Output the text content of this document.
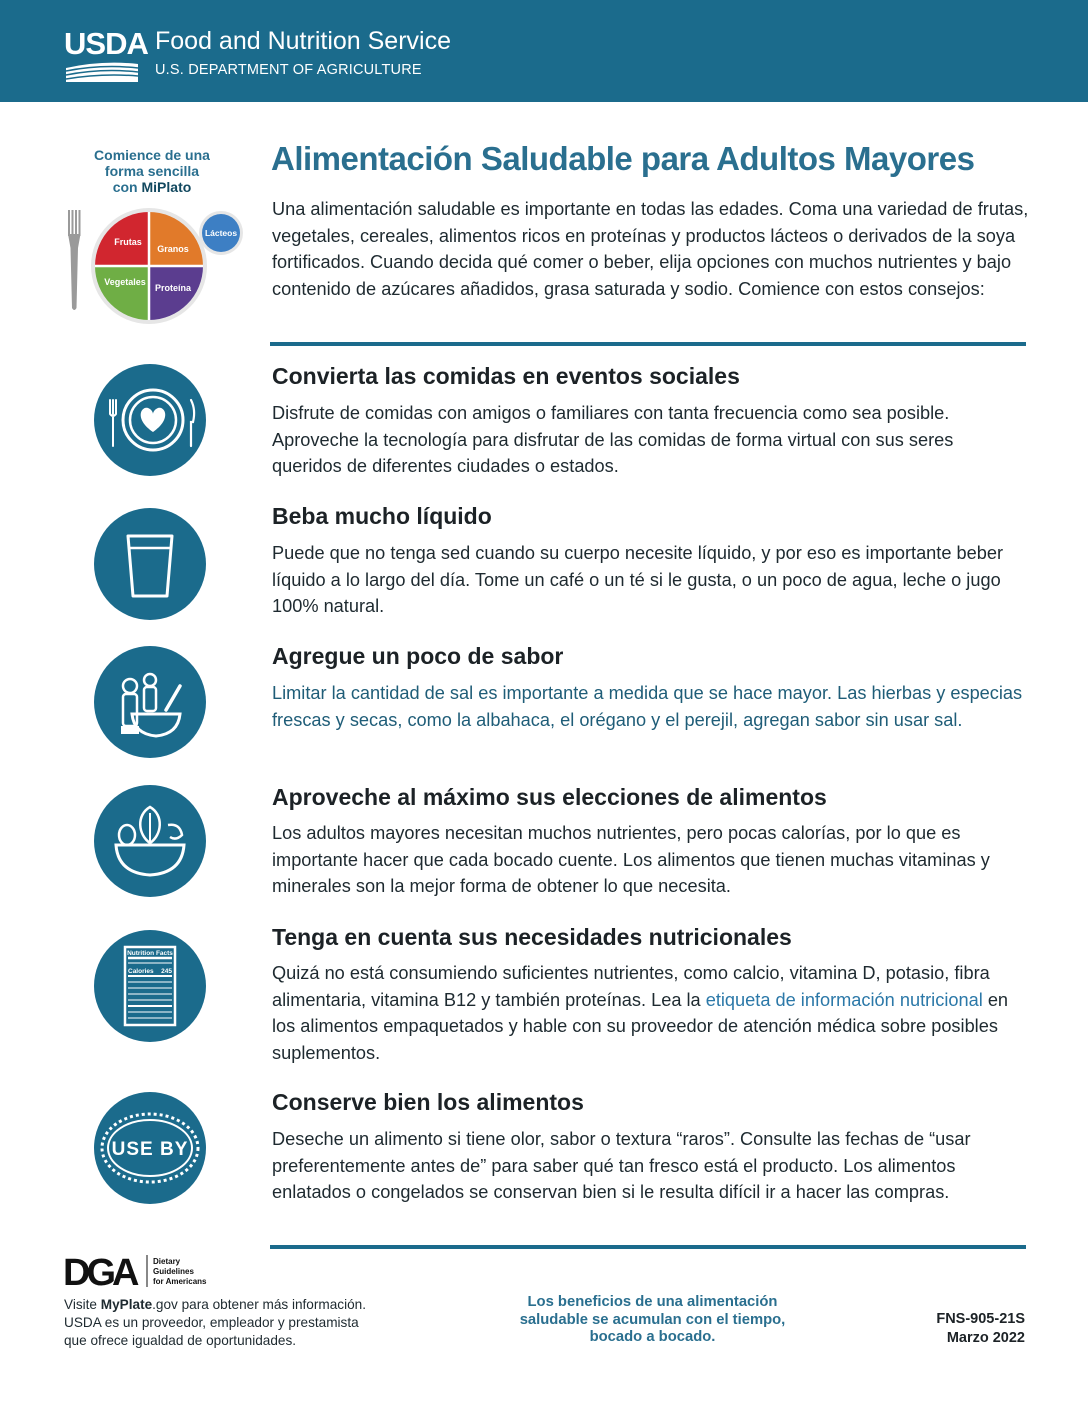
USDA Food and Nutrition Service
U.S. DEPARTMENT OF AGRICULTURE
Comience de una
forma sencilla
con MiPlato
Frutas
Granos
Vegetales
Proteína
Lácteos
Alimentación Saludable para Adultos Mayores
Una alimentación saludable es importante en todas las edades. Coma una variedad de frutas, vegetales, cereales, alimentos ricos en proteínas y productos lácteos o derivados de la soya fortificados. Cuando decida qué comer o beber, elija opciones con muchos nutrientes y bajo contenido de azúcares añadidos, grasa saturada y sodio. Comience con estos consejos:
Convierta las comidas en eventos sociales
Disfrute de comidas con amigos o familiares con tanta frecuencia como sea posible. Aproveche la tecnología para disfrutar de las comidas de forma virtual con sus seres queridos de diferentes ciudades o estados.
Beba mucho líquido
Puede que no tenga sed cuando su cuerpo necesite líquido, y por eso es importante beber líquido a lo largo del día. Tome un café o un té si le gusta, o un poco de agua, leche o jugo 100% natural.
Agregue un poco de sabor
Limitar la cantidad de sal es importante a medida que se hace mayor. Las hierbas y especias frescas y secas, como la albahaca, el orégano y el perejil, agregan sabor sin usar sal.
Aproveche al máximo sus elecciones de alimentos
Los adultos mayores necesitan muchos nutrientes, pero pocas calorías, por lo que es importante hacer que cada bocado cuente. Los alimentos que tienen muchas vitaminas y minerales son la mejor forma de obtener lo que necesita.
Nutrition Facts
Calories 245
Tenga en cuenta sus necesidades nutricionales
Quizá no está consumiendo suficientes nutrientes, como calcio, vitamina D, potasio, fibra alimentaria, vitamina B12 y también proteínas. Lea la etiqueta de información nutricional en los alimentos empaquetados y hable con su proveedor de atención médica sobre posibles suplementos.
USE BY
Conserve bien los alimentos
Deseche un alimento si tiene olor, sabor o textura “raros”. Consulte las fechas de “usar preferentemente antes de” para saber qué tan fresco está el producto. Los alimentos enlatados o congelados se conservan bien si le resulta difícil ir a hacer las compras.
DGA	Dietary
Guidelines
for Americans
Visite MyPlate.gov para obtener más información.
USDA es un proveedor, empleador y prestamista
que ofrece igualdad de oportunidades.
Los beneficios de una alimentación
saludable se acumulan con el tiempo,
bocado a bocado.
FNS-905-21S
Marzo 2022
